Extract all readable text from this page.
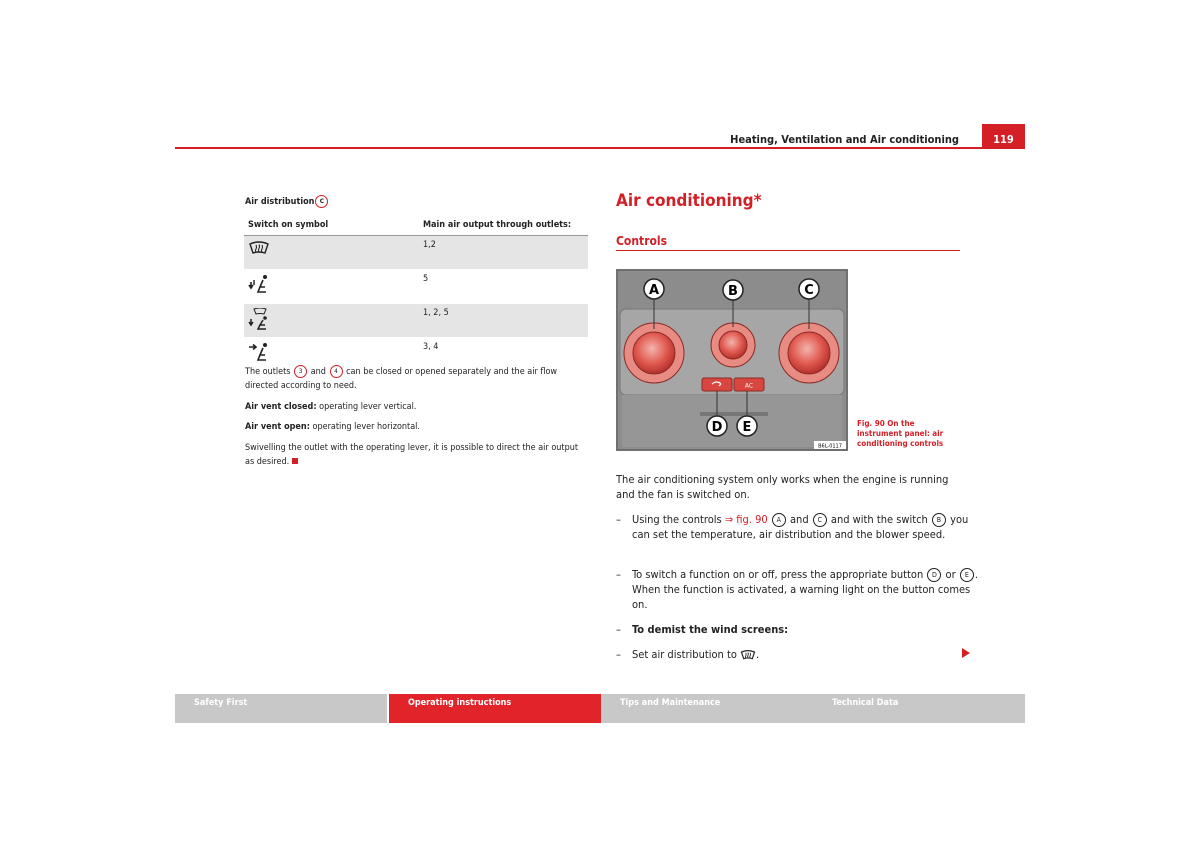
Heating, Ventilation and Air conditioning	119
Air distribution C
Switch on symbol	Main air output through outlets:
	1,2
	5
	1, 2, 5
	3, 4
The outlets 3 and 4 can be closed or opened separately and the air flow directed according to need.
Air vent closed: operating lever vertical.
Air vent open: operating lever horizontal.
Swivelling the outlet with the operating lever, it is possible to direct the air output as desired.
Air conditioning*
Controls
AC
A	B	C
D E
B6L-0117
Fig. 90 On the instrument panel: air conditioning controls
The air conditioning system only works when the engine is running and the fan is switched on.
– Using the controls ⇒ fig. 90 A and C and with the switch B you can set the temperature, air distribution and the blower speed.
– To switch a function on or off, press the appropriate button D or E . When the function is activated, a warning light on the button comes on.
– To demist the wind screens:
– Set air distribution to .
Safety First	Operating instructions	Tips and Maintenance	Technical Data
